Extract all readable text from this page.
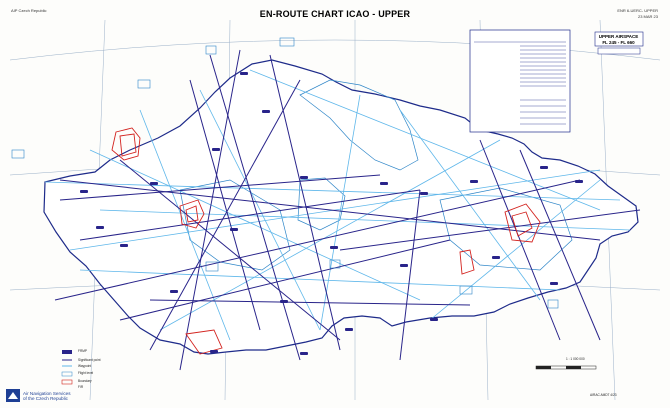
AIP Czech Republic	EN-ROUTE CHART ICAO - UPPER	ENR 6-UERC- UPPER
23 MAR 23
UPPER AIRSPACE
FL 245 - FL 660
FRMP
Significant point
Waypoint
Flight level
Boundary
FIR
1 : 1 000 000
AIRAC AMDT 4/23
Air Navigation Services
of the Czech Republic
